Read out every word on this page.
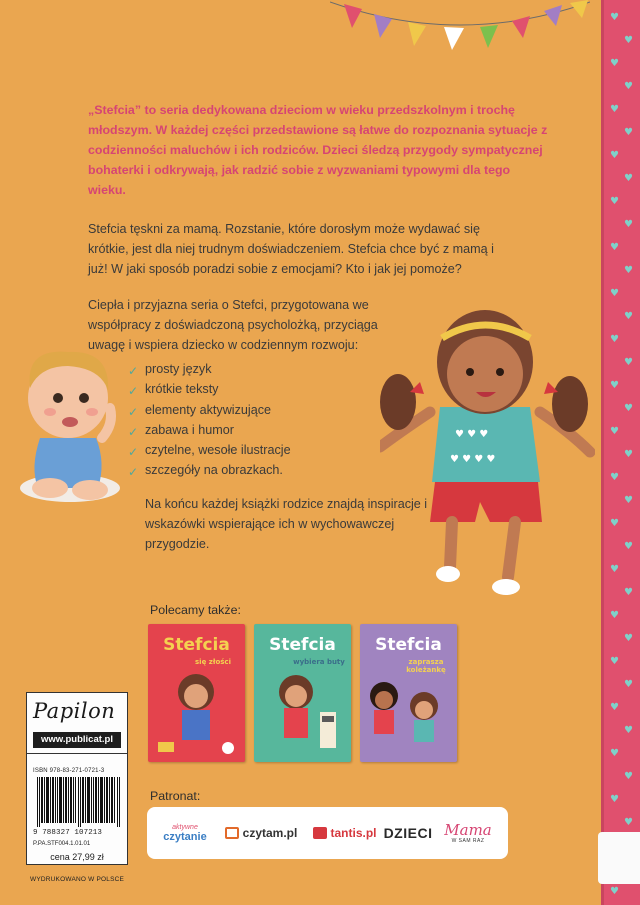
„Stefcia” to seria dedykowana dzieciom w wieku przedszkolnym i trochę młodszym. W każdej części przedstawione są łatwe do rozpoznania sytuacje z codzienności maluchów i ich rodziców. Dzieci śledzą przygody sympatycznej bohaterki i odkrywają, jak radzić sobie z wyzwaniami typowymi dla tego wieku.

Stefcia tęskni za mamą. Rozstanie, które dorosłym może wydawać się krótkie, jest dla niej trudnym doświadczeniem. Stefcia chce być z mamą i już! W jaki sposób poradzi sobie z emocjami? Kto i jak jej pomoże?

Ciepła i przyjazna seria o Stefci, przygotowana we współpracy z doświadczoną psycholożką, przyciąga uwagę i wspiera dziecko w codziennym rozwoju:

✓ prosty język
✓ krótkie teksty
✓ elementy aktywizujące
✓ zabawa i humor
✓ czytelne, wesołe ilustracje
✓ szczegóły na obrazkach.

Na końcu każdej książki rodzice znajdą inspiracje i wskazówki wspierające ich w wychowawczej przygodzie.

♥ ♥ ♥
♥ ♥ ♥ ♥
Polecamy także:
Stefcia
się złości
Stefcia
wybiera buty
Stefcia
zaprasza koleżankę
Patronat:
aktywne
czytanie	czytam.pl	tantis.pl DZIECI Mama
W SAM RAZ
Papilon
www.publicat.pl
ISBN 978-83-271-0721-3
9 788327 107213
P.PA.STF004.1.01.01
cena 27,99 zł
WYDRUKOWANO W POLSCE
♥
♥
♥
♥
♥
♥
♥
♥
♥
♥
♥
♥
♥
♥
♥
♥
♥
♥
♥
♥
♥
♥
♥
♥
♥
♥
♥
♥
♥
♥
♥
♥
♥
♥
♥
♥
♥
